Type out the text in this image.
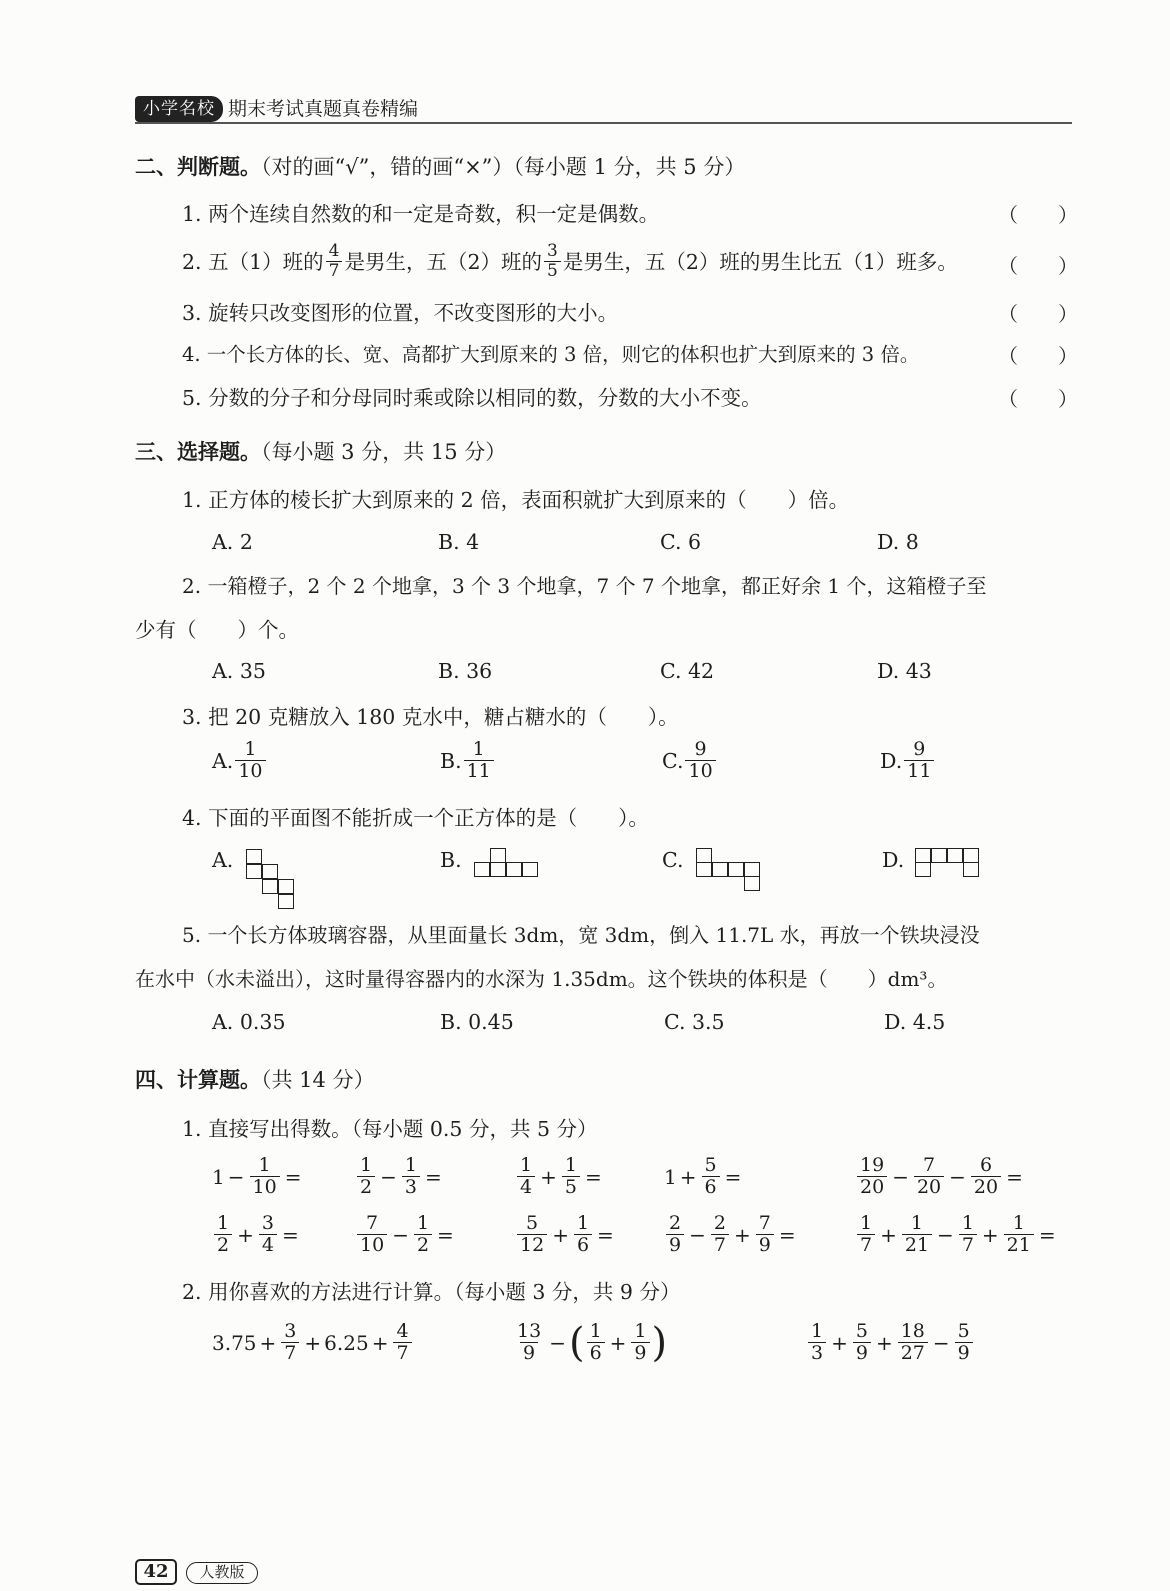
小学名校 期末考试真题真卷精编
二、判断题。（对的画“√”，错的画“×”）（每小题 1 分，共 5 分）
1. 两个连续自然数的和一定是奇数，积一定是偶数。	（　　）
2. 五（1）班的 $\frac{4}{7}$ 是男生，五（2）班的 $\frac{3}{5}$ 是男生，五（2）班的男生比五（1）班多。 （　　）
3. 旋转只改变图形的位置，不改变图形的大小。	（　　）
4. 一个长方体的长、宽、高都扩大到原来的 3 倍，则它的体积也扩大到原来的 3 倍。	（　　）
5. 分数的分子和分母同时乘或除以相同的数，分数的大小不变。	（　　）
三、选择题。（每小题 3 分，共 15 分）
1. 正方体的棱长扩大到原来的 2 倍，表面积就扩大到原来的（　　）倍。
A. 2	B. 4	C. 6	D. 8
2. 一箱橙子，2 个 2 个地拿，3 个 3 个地拿，7 个 7 个地拿，都正好余 1 个，这箱橙子至
少有（　　）个。
A. 35	B. 36	C. 42	D. 43
3. 把 20 克糖放入 180 克水中，糖占糖水的（　　）。
A. $\frac{1}{10}$	B. $\frac{1}{11}$	C. $\frac{9}{10}$	D. $\frac{9}{11}$
4. 下面的平面图不能折成一个正方体的是（　　）。
A.	B.	C.	D.
5. 一个长方体玻璃容器，从里面量长 3dm，宽 3dm，倒入 11.7L 水，再放一个铁块浸没
在水中（水未溢出），这时量得容器内的水深为 1.35dm。这个铁块的体积是（　　）dm³。
A. 0.35	B. 0.45	C. 3.5	D. 4.5
四、计算题。（共 14 分）
1. 直接写出得数。（每小题 0.5 分，共 5 分）
$1 - \frac{1}{10}$ =	$\frac{1}{2} - \frac{1}{3}$ =	$\frac{1}{4} + \frac{1}{5}$ =	$1 + \frac{5}{6}$ =	$\frac{19}{20} - \frac{7}{20} - \frac{6}{20}$ =
$\frac{1}{2} + \frac{3}{4}$ =	$\frac{7}{10} - \frac{1}{2}$ =	$\frac{5}{12} + \frac{1}{6}$ =	$\frac{2}{9} - \frac{2}{7} + \frac{7}{9}$ =	$\frac{1}{7} + \frac{1}{21} - \frac{1}{7} + \frac{1}{21}$ =
2. 用你喜欢的方法进行计算。（每小题 3 分，共 9 分）
$3.75 + \frac{3}{7} + 6.25 + \frac{4}{7}$	$\frac{13}{9}$ − ( $\frac{1}{6} + \frac{1}{9}$ )	$\frac{1}{3} + \frac{5}{9} + \frac{18}{27} - \frac{5}{9}$
42	人教版
